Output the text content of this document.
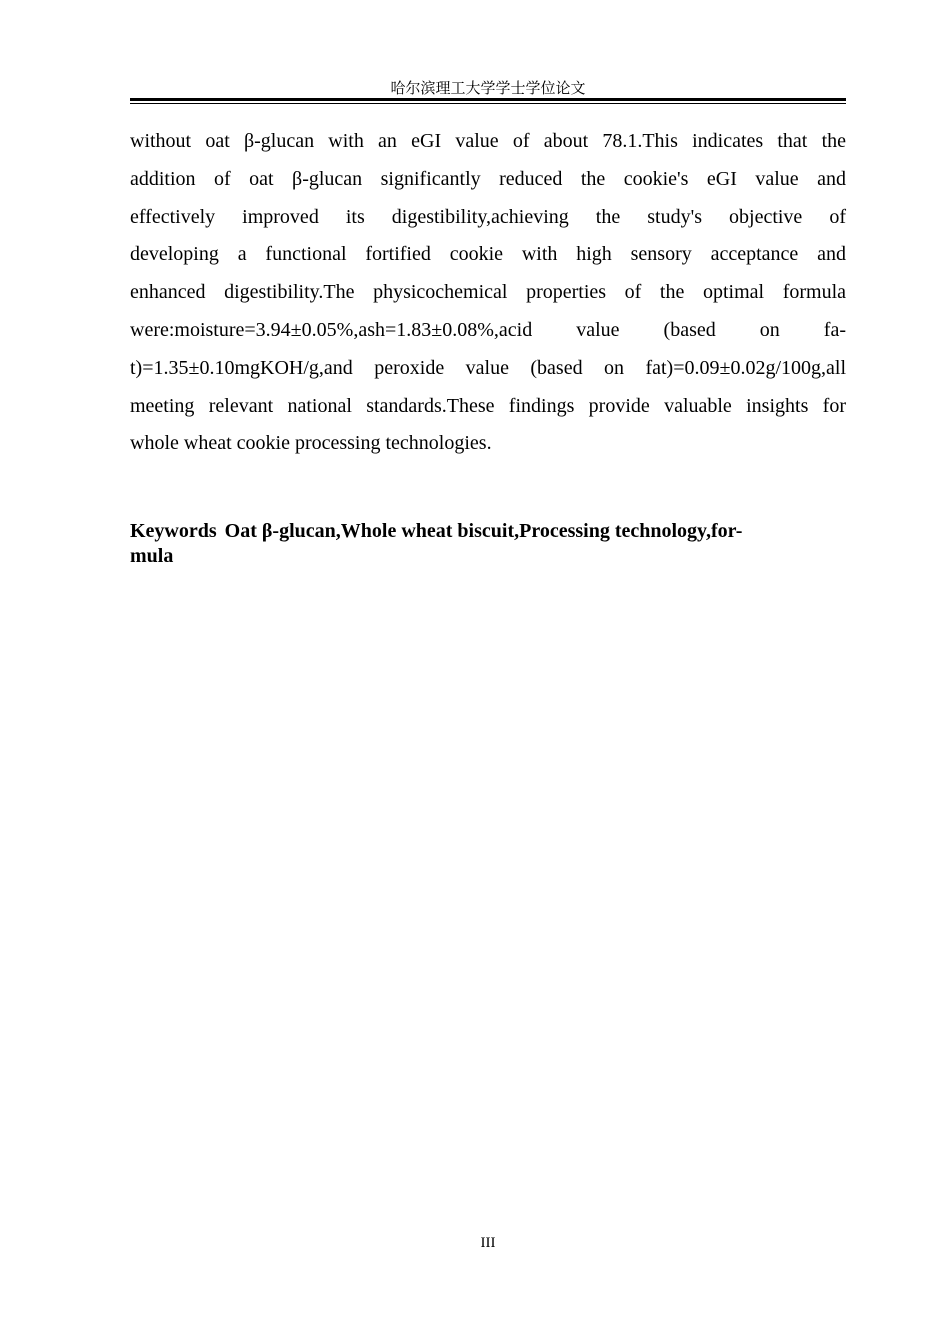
哈尔滨理工大学学士学位论文
without oat β-glucan with an eGI value of about 78.1.This indicates that the
addition of oat β-glucan significantly reduced the cookie's eGI value and
effectively improved its digestibility,achieving the study's objective of
developing a functional fortified cookie with high sensory acceptance and
enhanced digestibility.The physicochemical properties of the optimal formula
were:moisture=3.94±0.05%,ash=1.83±0.08%,acid value (based on fa-
t)=1.35±0.10mgKOH/g,and peroxide value (based on fat)=0.09±0.02g/100g,all
meeting relevant national standards.These findings provide valuable insights for
whole wheat cookie processing technologies.
Keywords Oat β-glucan,Whole wheat biscuit,Processing technology,for-
mula
III
